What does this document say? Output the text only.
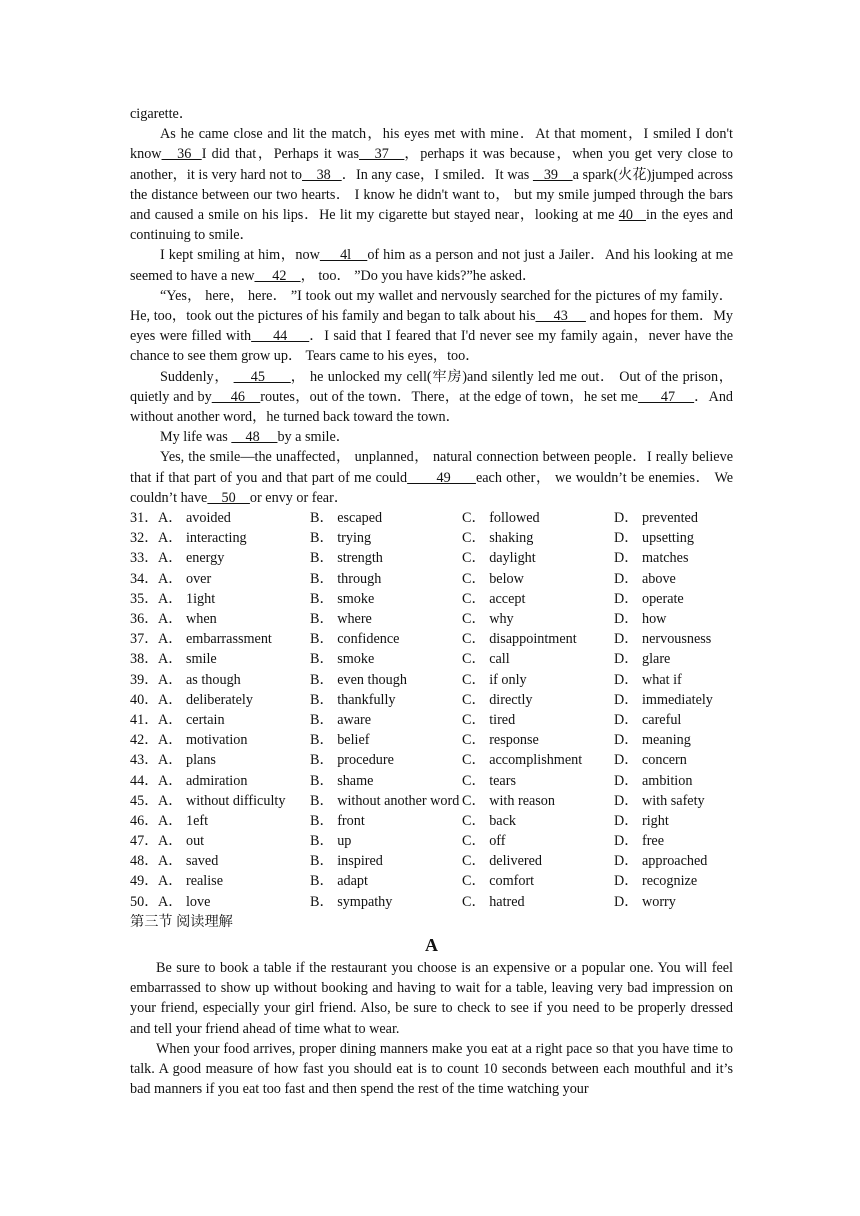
cigarette．

As he came close and lit the match，his eyes met with mine．At that moment，I smiled I don't know   36  I did that，Perhaps it was   37   ，perhaps it was because，when you get very close to another，it is very hard not to    38   ．In any case，I smiled．It was    39    a spark(火花)jumped across the distance between our two hearts． I know he didn't want to， but my smile jumped through the bars and caused a smile on his lips．He lit my cigarette but stayed near，looking at me 40   in the eyes and continuing to smile．

I kept smiling at him，now     4l    of him as a person and not just a Jailer．And his looking at me seemed to have a new     42    ， too． ”Do you have kids?”he asked．

“Yes， here， here． ”I took out my wallet and nervously searched for the pictures of my family．He, too，took out the pictures of his family and began to talk about his     43      and hopes for them．My eyes were filled with     44     ．I said that I feared that I'd never see my family again，never have the chance to see them grow up． Tears came to his eyes，too．

Suddenly，     45      ， he unlocked my cell(牢房)and silently led me out． Out of the prison，quietly and by     46    routes，out of the town．There，at the edge of town，he set me      47     ．And without another word，he turned back toward the town．

My life was     48     by a smile．

Yes, the smile—the unaffected， unplanned， natural connection between people．I really believe that if that part of you and that part of me could       49      each other， we wouldn’t be enemies． We couldn’t have    50    or envy or fear．

31． A． avoided	B． escaped	C． followed	D． prevented
32． A． interacting	B． trying	C． shaking	D． upsetting
33． A． energy	B． strength	C． daylight	D． matches
34． A． over	B． through	C． below	D． above
35． A． 1ight	B． smoke	C． accept	D． operate
36． A． when	B． where	C． why	D． how
37． A． embarrassment	B． confidence	C． disappointment	D． nervousness
38． A． smile	B． smoke	C． call	D． glare
39． A． as though	B． even though	C． if only	D． what if
40． A． deliberately	B． thankfully	C． directly	D． immediately
41． A． certain	B． aware	C． tired	D． careful
42． A． motivation	B． belief	C． response	D． meaning
43． A． plans	B． procedure	C． accomplishment	D． concern
44． A． admiration	B． shame	C． tears	D． ambition
45． A． without difficulty	B． without another word C． with reason	D． with safety
46． A． 1eft	B． front	C． back	D． right
47． A． out	B． up	C． off	D． free
48． A． saved	B． inspired	C． delivered	D． approached
49． A． realise	B． adapt	C． comfort	D． recognize
50． A． love	B． sympathy	C． hatred	D． worry

第三节 阅读理解

A

Be sure to book a table if the restaurant you choose is an expensive or a popular one. You will feel embarrassed to show up without booking and having to wait for a table, leaving very bad impression on your friend, especially your girl friend. Also, be sure to check to see if you need to be properly dressed and tell your friend ahead of time what to wear.

When your food arrives, proper dining manners make you eat at a right pace so that you have time to talk. A good measure of how fast you should eat is to count 10 seconds between each mouthful and it’s bad manners if you eat too fast and then spend the rest of the time watching your
